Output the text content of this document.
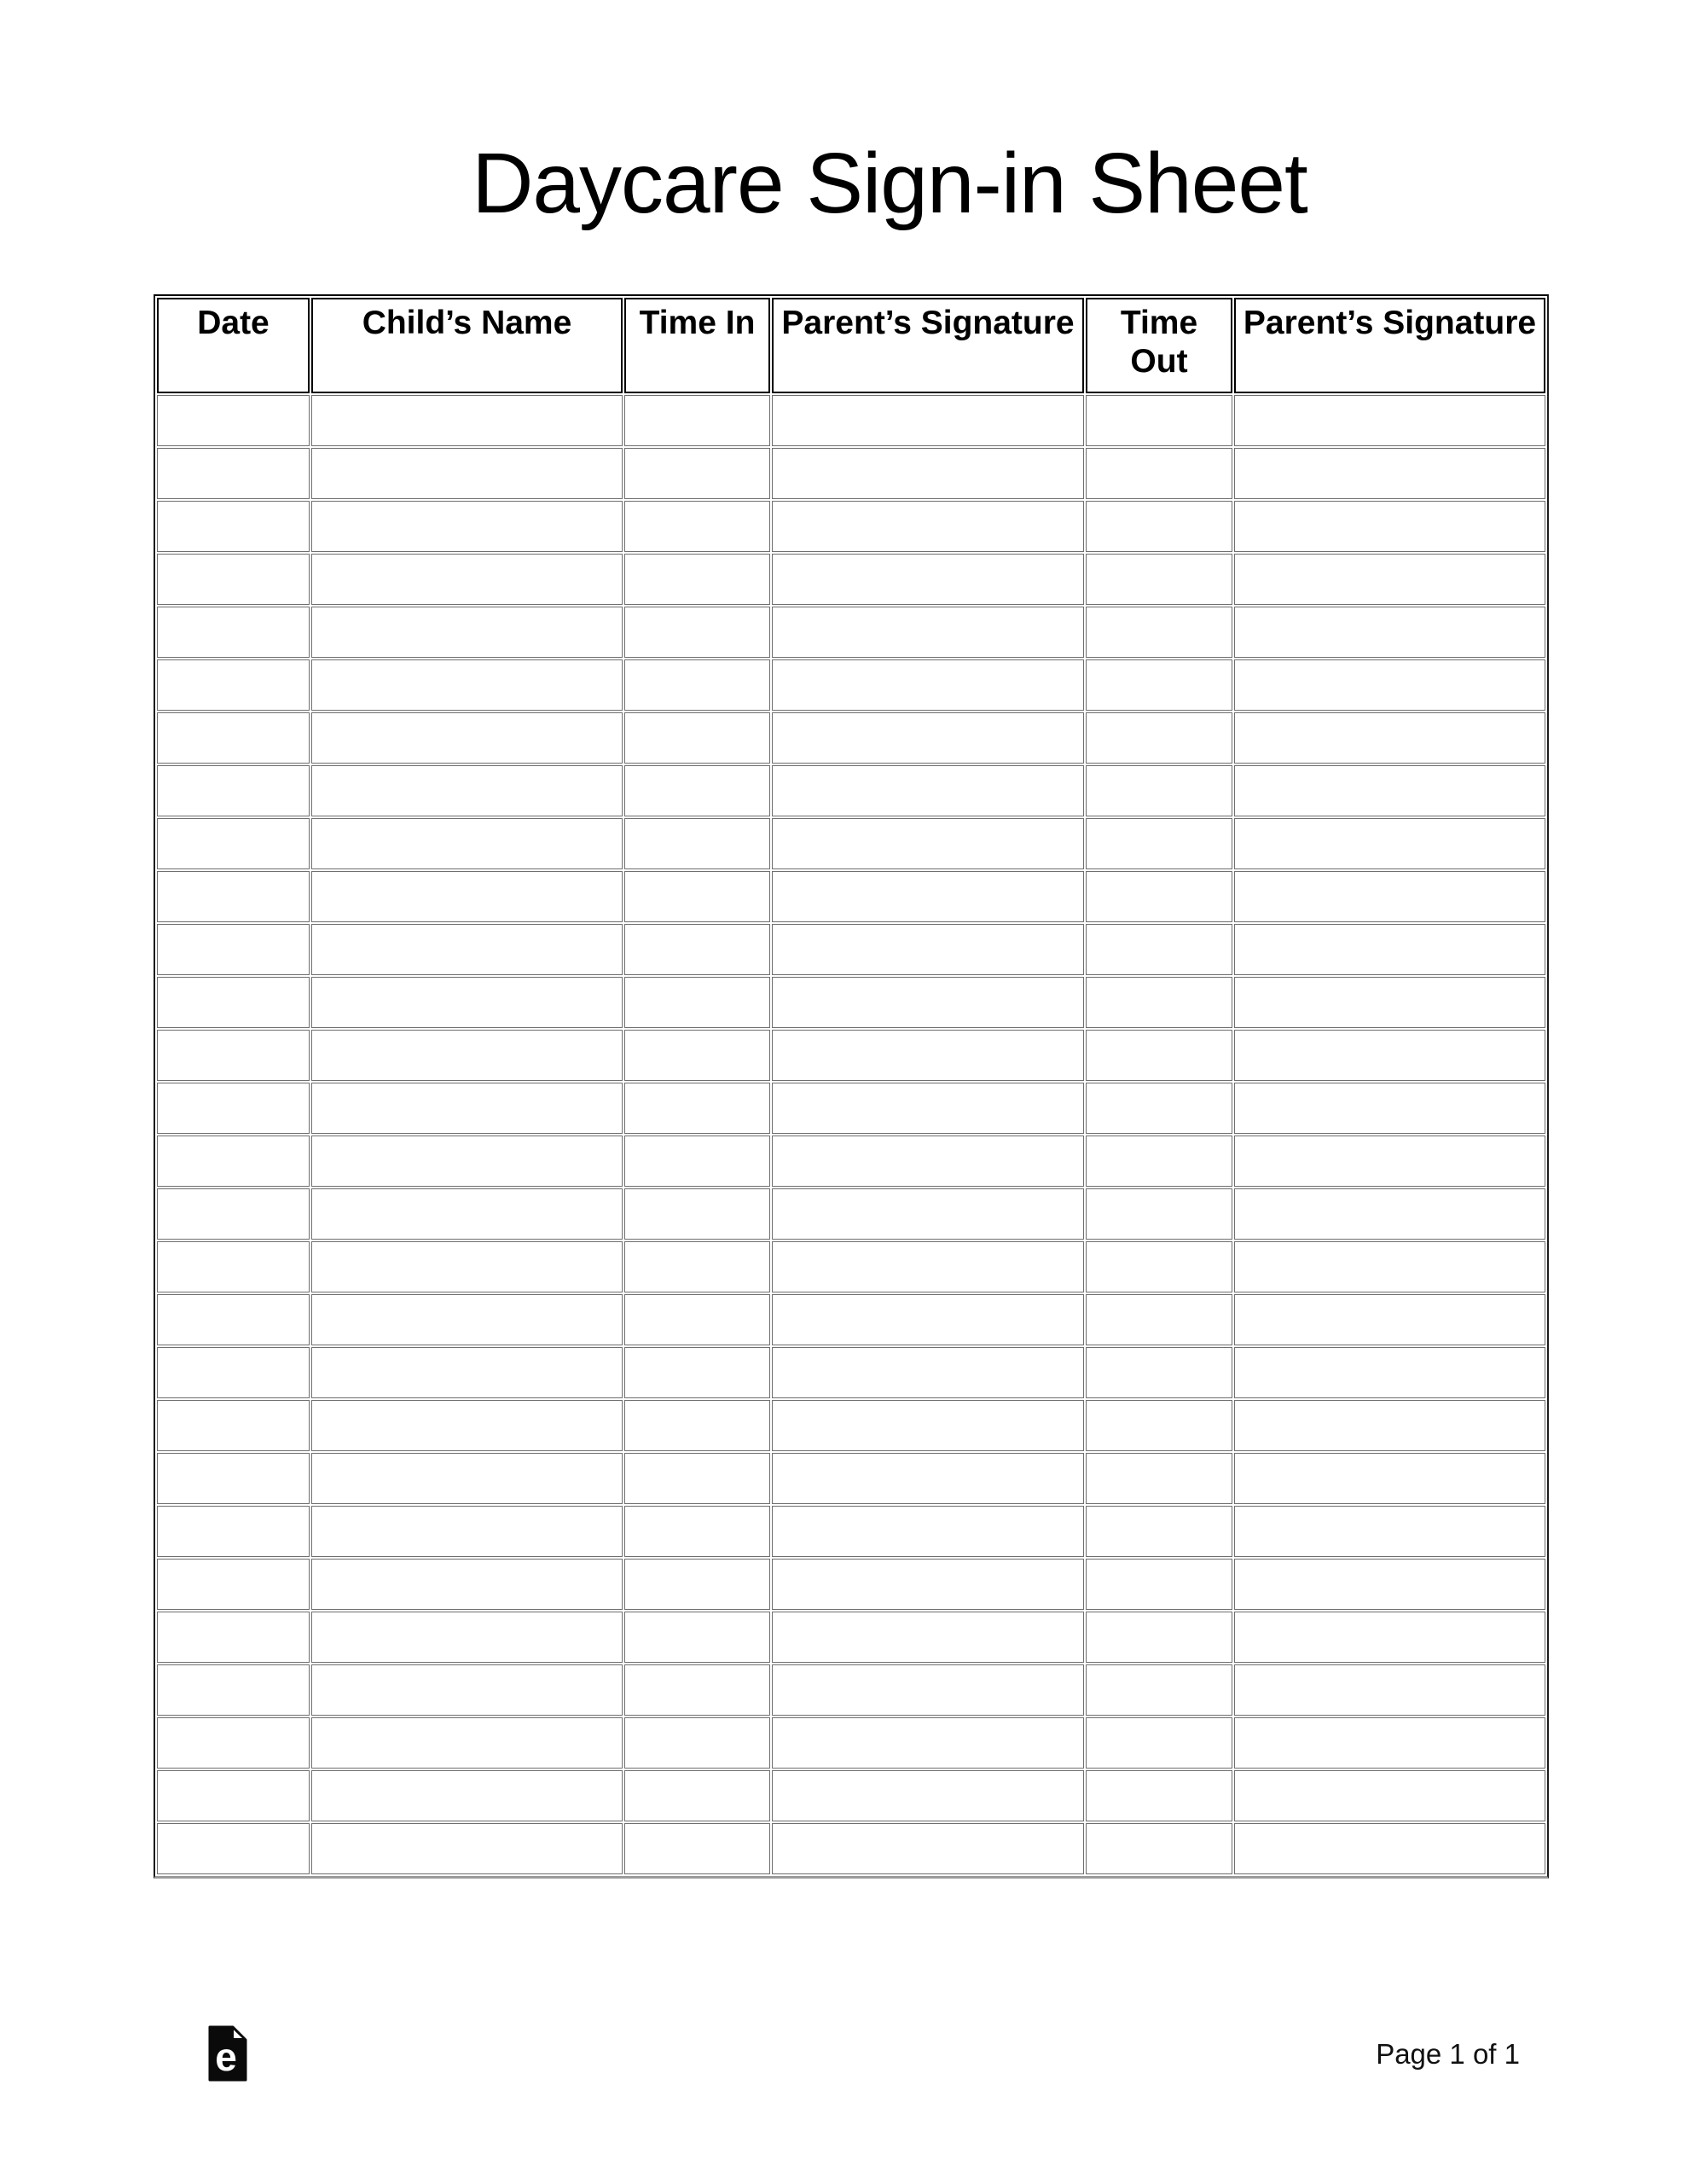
Daycare Sign-in Sheet
Date	Child’s Name	Time In	Parent’s Signature	Time Out	Parent’s Signature

e	Page 1 of 1
